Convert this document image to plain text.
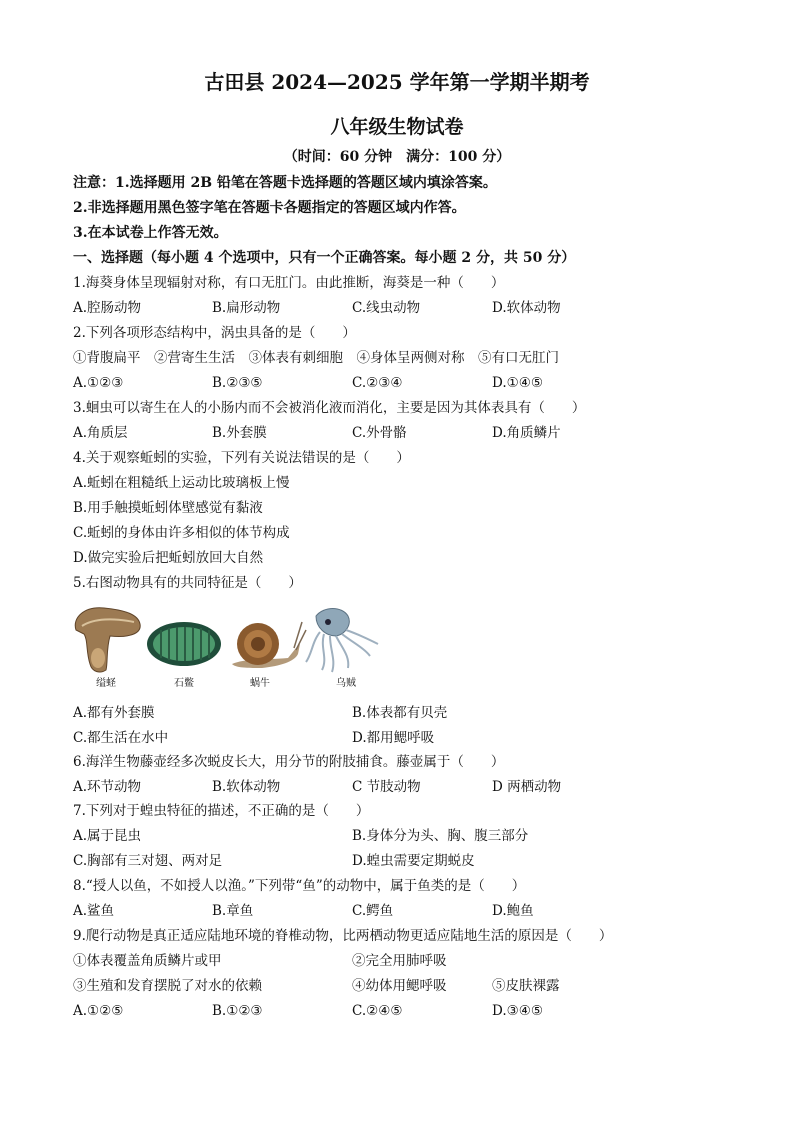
古田县 2024—2025 学年第一学期半期考
八年级生物试卷
（时间：60 分钟　满分：100 分）
注意：1.选择题用 2B 铅笔在答题卡选择题的答题区域内填涂答案。
2.非选择题用黑色签字笔在答题卡各题指定的答题区域内作答。
3.在本试卷上作答无效。
一、选择题（每小题 4 个选项中，只有一个正确答案。每小题 2 分，共 50 分）
1.海葵身体呈现辐射对称，有口无肛门。由此推断，海葵是一种（　　）
A.腔肠动物	B.扁形动物	C.线虫动物	D.软体动物
2.下列各项形态结构中，涡虫具备的是（　　）
①背腹扁平　②营寄生生活　③体表有刺细胞　④身体呈两侧对称　⑤有口无肛门
A.①②③	B.②③⑤	C.②③④	D.①④⑤
3.蛔虫可以寄生在人的小肠内而不会被消化液而消化，主要是因为其体表具有（　　）
A.角质层	B.外套膜	C.外骨骼	D.角质鳞片
4.关于观察蚯蚓的实验，下列有关说法错误的是（　　）
A.蚯蚓在粗糙纸上运动比玻璃板上慢
B.用手触摸蚯蚓体壁感觉有黏液
C.蚯蚓的身体由许多相似的体节构成
D.做完实验后把蚯蚓放回大自然
5.右图动物具有的共同特征是（　　）
缢蛏	石鳖	蜗牛	乌贼
A.都有外套膜	B.体表都有贝壳
C.都生活在水中	D.都用鳃呼吸
6.海洋生物藤壶经多次蜕皮长大，用分节的附肢捕食。藤壶属于（　　）
A.环节动物	B.软体动物	C 节肢动物	D 两栖动物
7.下列对于蝗虫特征的描述，不正确的是（　　）
A.属于昆虫	B.身体分为头、胸、腹三部分
C.胸部有三对翅、两对足	D.蝗虫需要定期蜕皮
8.“授人以鱼，不如授人以渔。”下列带“鱼”的动物中，属于鱼类的是（　　）
A.鲨鱼	B.章鱼	C.鳄鱼	D.鲍鱼
9.爬行动物是真正适应陆地环境的脊椎动物，比两栖动物更适应陆地生活的原因是（　　）
①体表覆盖角质鳞片或甲	②完全用肺呼吸
③生殖和发育摆脱了对水的依赖	④幼体用鳃呼吸	⑤皮肤裸露
A.①②⑤	B.①②③	C.②④⑤	D.③④⑤
